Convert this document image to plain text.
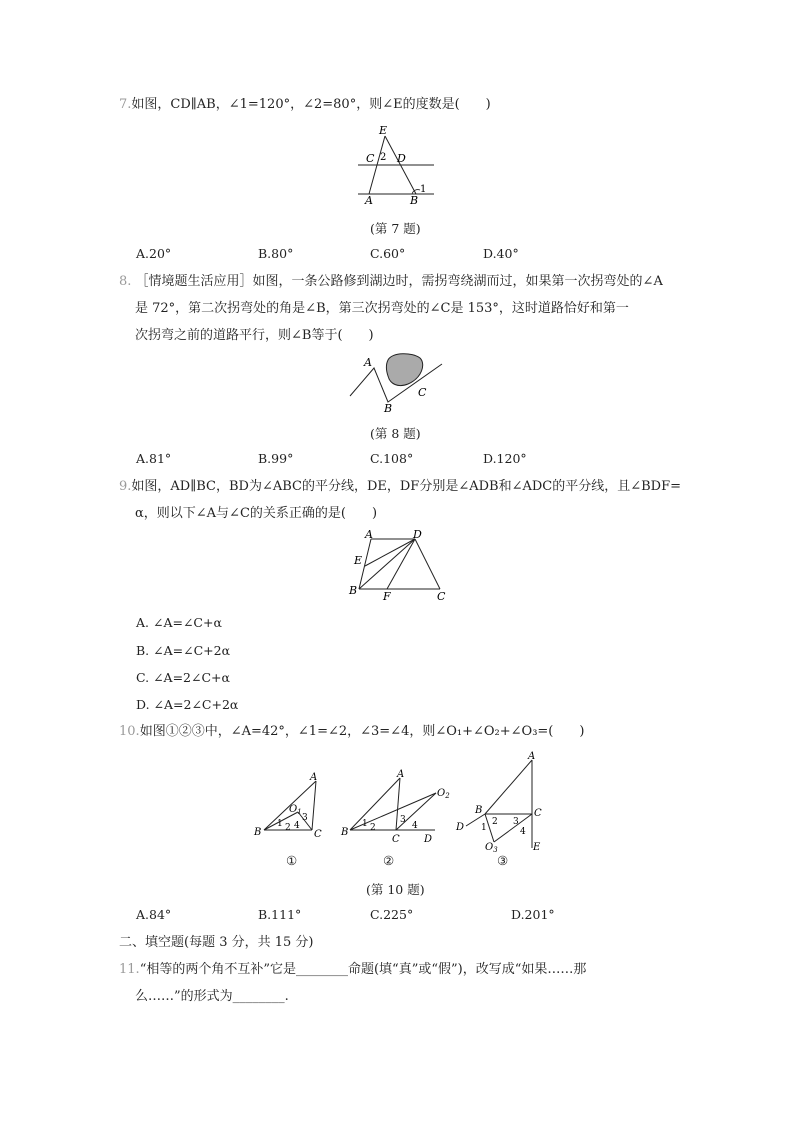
7.如图，CD∥AB，∠1=120°，∠2=80°，则∠E的度数是(　　)
E
C 2 D
A	B
1
(第 7 题)
A.20°	B.80°	C.60°	D.40°
8. ［情境题生活应用］如图，一条公路修到湖边时，需拐弯绕湖而过，如果第一次拐弯处的∠A
是 72°，第二次拐弯处的角是∠B，第三次拐弯处的∠C是 153°，这时道路恰好和第一
次拐弯之前的道路平行，则∠B等于(　　)
A
B
C
(第 8 题)
A.81°	B.99°	C.108°	D.120°
9.如图，AD∥BC，BD为∠ABC的平分线，DE，DF分别是∠ADB和∠ADC的平分线，且∠BDF=
α，则以下∠A与∠C的关系正确的是(　　)
A	D
E
B F	C
A. ∠A=∠C+α
B. ∠A=∠C+2α
C. ∠A=2∠C+α
D. ∠A=2∠C+2α
10.如图①②③中，∠A=42°，∠1=∠2，∠3=∠4，则∠O₁+∠O₂+∠O₃=(　　)
A
B	C
$O_1$
1 2
3
4
A
B
C D
$O_2$
1 2
3
4
A
B	C
D
E
$O_3$
1
2 3
4
①	②	③
(第 10 题)
A.84°	B.111°	C.225°	D.201°
二、填空题(每题 3 分，共 15 分)
11.“相等的两个角不互补”它是________命题(填“真”或“假”)，改写成“如果……那
么……”的形式为________.
